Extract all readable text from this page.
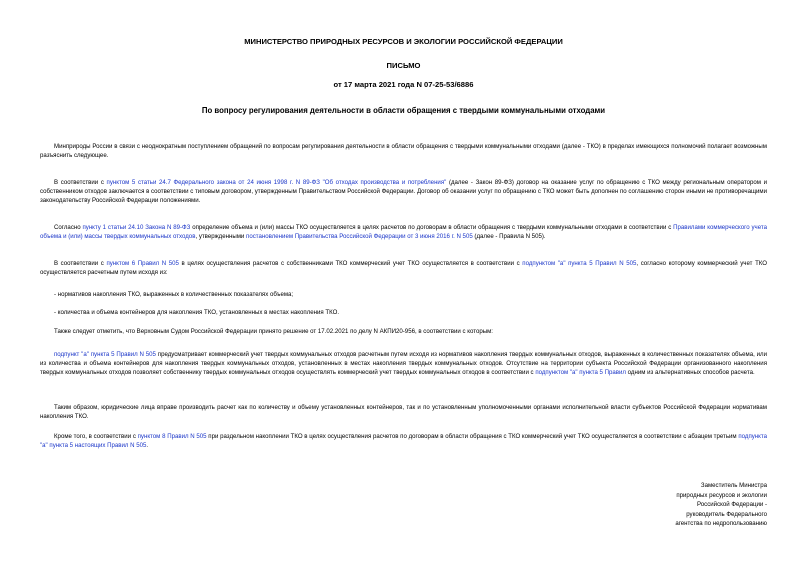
МИНИСТЕРСТВО ПРИРОДНЫХ РЕСУРСОВ И ЭКОЛОГИИ РОССИЙСКОЙ ФЕДЕРАЦИИ
ПИСЬМО
от 17 марта 2021 года N 07-25-53/6886
По вопросу регулирования деятельности в области обращения с твердыми коммунальными отходами
Минприроды России в связи с неоднократным поступлением обращений по вопросам регулирования деятельности в области обращения с твердыми коммунальными отходами (далее - ТКО) в пределах имеющихся полномочий полагает возможным разъяснить следующее.
В соответствии с пунктом 5 статьи 24.7 Федерального закона от 24 июня 1998 г. N 89-ФЗ "Об отходах производства и потребления" (далее - Закон 89-ФЗ) договор на оказание услуг по обращению с ТКО между региональным оператором и собственником отходов заключается в соответствии с типовым договором, утвержденным Правительством Российской Федерации. Договор об оказании услуг по обращению с ТКО может быть дополнен по соглашению сторон иными не противоречащими законодательству Российской Федерации положениями.
Согласно пункту 1 статьи 24.10 Закона N 89-ФЗ определение объема и (или) массы ТКО осуществляется в целях расчетов по договорам в области обращения с твердыми коммунальными отходами в соответствии с Правилами коммерческого учета объема и (или) массы твердых коммунальных отходов, утвержденными постановлением Правительства Российской Федерации от 3 июня 2016 г. N 505 (далее - Правила N 505).
В соответствии с пунктом 6 Правил N 505 в целях осуществления расчетов с собственниками ТКО коммерческий учет ТКО осуществляется в соответствии с подпунктом "а" пункта 5 Правил N 505, согласно которому коммерческий учет ТКО осуществляется расчетным путем исходя из:
- нормативов накопления ТКО, выраженных в количественных показателях объема;
- количества и объема контейнеров для накопления ТКО, установленных в местах накопления ТКО.
Также следует отметить, что Верховным Судом Российской Федерации принято решение от 17.02.2021 по делу N АКПИ20-956, в соответствии с которым:
подпункт "а" пункта 5 Правил N 505 предусматривает коммерческий учет твердых коммунальных отходов расчетным путем исходя из нормативов накопления твердых коммунальных отходов, выраженных в количественных показателях объема, или из количества и объема контейнеров для накопления твердых коммунальных отходов, установленных в местах накопления твердых коммунальных отходов. Отсутствие на территории субъекта Российской Федерации организованного накопления твердых коммунальных отходов позволяет собственнику твердых коммунальных отходов осуществлять коммерческий учет твердых коммунальных отходов в соответствии с подпунктом "а" пункта 5 Правил одним из альтернативных способов расчета.
Таким образом, юридические лица вправе производить расчет как по количеству и объему установленных контейнеров, так и по установленным уполномоченными органами исполнительной власти субъектов Российской Федерации нормативам накопления ТКО.
Кроме того, в соответствии с пунктом 8 Правил N 505 при раздельном накоплении ТКО в целях осуществления расчетов по договорам в области обращения с ТКО коммерческий учет ТКО осуществляется в соответствии с абзацем третьим подпункта "а" пункта 5 настоящих Правил N 505.
Заместитель Министра
природных ресурсов и экологии
Российской Федерации -
руководитель Федерального
агентства по недропользованию
